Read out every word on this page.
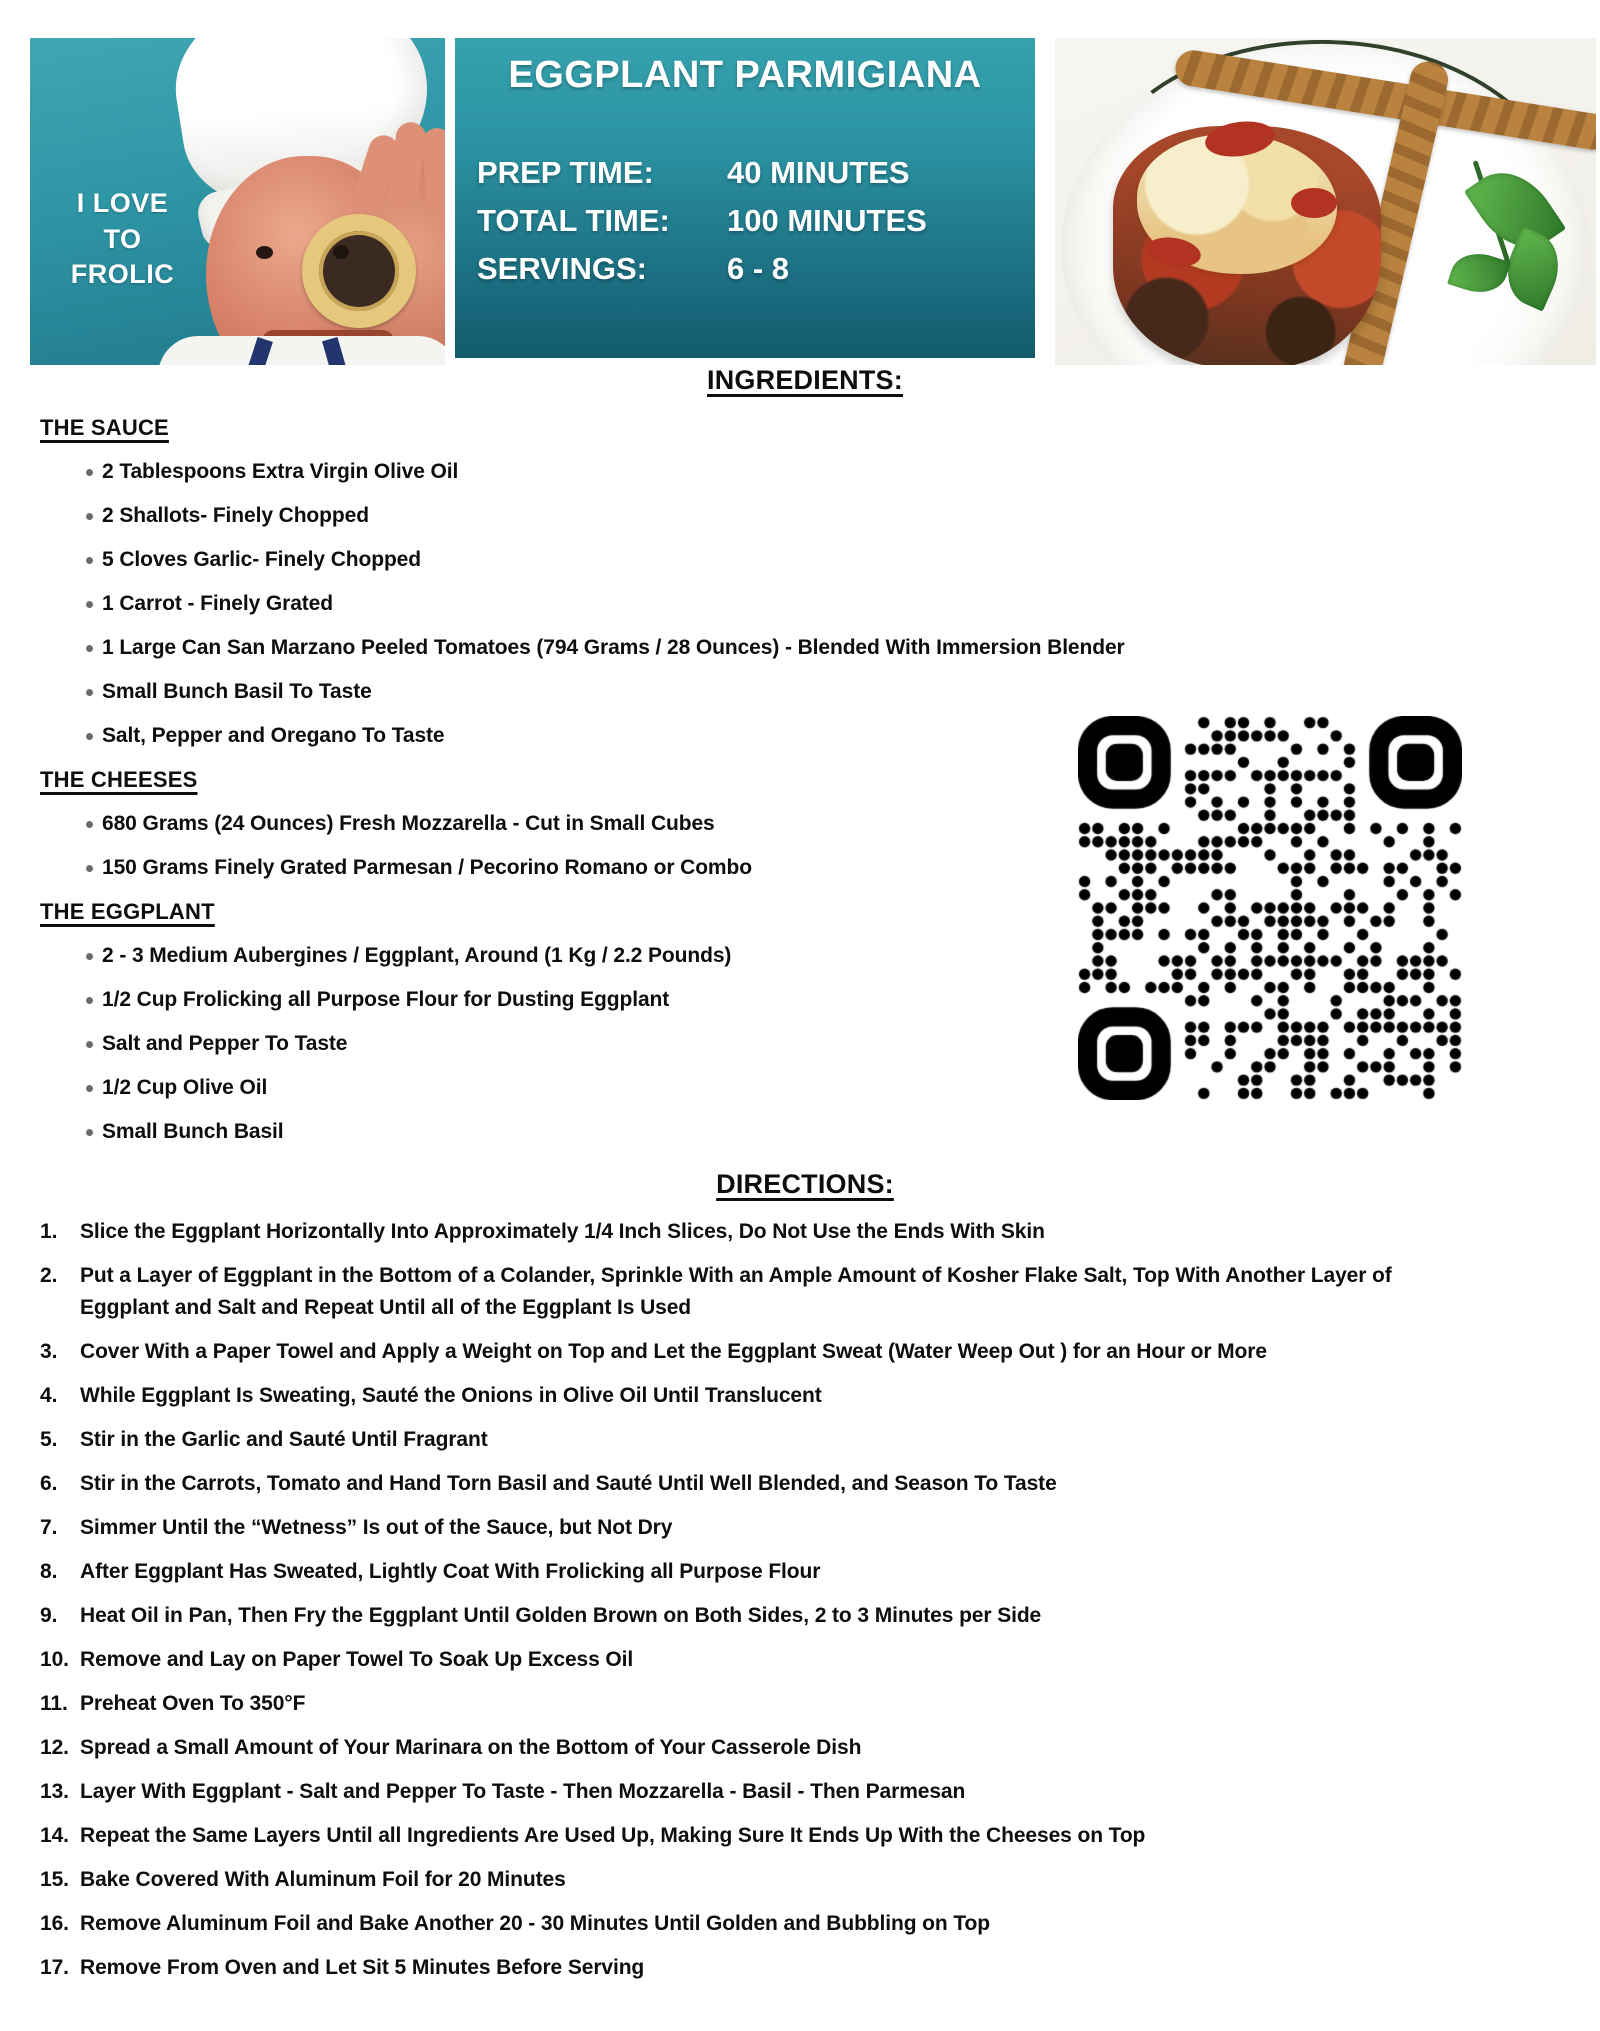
I LOVE
TO
FROLIC
EGGPLANT PARMIGIANA
PREP TIME:	40 MINUTES
TOTAL TIME:	100 MINUTES
SERVINGS:	6 - 8
INGREDIENTS:
THE SAUCE
2 Tablespoons Extra Virgin Olive Oil
2 Shallots- Finely Chopped
5 Cloves Garlic- Finely Chopped
1 Carrot - Finely Grated
1 Large Can San Marzano Peeled Tomatoes (794 Grams / 28 Ounces) - Blended With Immersion Blender
Small Bunch Basil To Taste
Salt, Pepper and Oregano To Taste
THE CHEESES
680 Grams (24 Ounces) Fresh Mozzarella - Cut in Small Cubes
150 Grams Finely Grated Parmesan / Pecorino Romano or Combo
THE EGGPLANT
2 - 3 Medium Aubergines / Eggplant, Around (1 Kg / 2.2 Pounds)
1/2 Cup Frolicking all Purpose Flour for Dusting Eggplant
Salt and Pepper To Taste
1/2 Cup Olive Oil
Small Bunch Basil
DIRECTIONS:
1.	Slice the Eggplant Horizontally Into Approximately 1/4 Inch Slices, Do Not Use the Ends With Skin
2.	Put a Layer of Eggplant in the Bottom of a Colander, Sprinkle With an Ample Amount of Kosher Flake Salt, Top With Another Layer of Eggplant and Salt and Repeat Until all of the Eggplant Is Used
3.	Cover With a Paper Towel and Apply a Weight on Top and Let the Eggplant Sweat (Water Weep Out ) for an Hour or More
4.	While Eggplant Is Sweating, Sauté the Onions in Olive Oil Until Translucent
5.	Stir in the Garlic and Sauté Until Fragrant
6.	Stir in the Carrots, Tomato and Hand Torn Basil and Sauté Until Well Blended, and Season To Taste
7.	Simmer Until the “Wetness” Is out of the Sauce, but Not Dry
8.	After Eggplant Has Sweated, Lightly Coat With Frolicking all Purpose Flour
9.	Heat Oil in Pan, Then Fry the Eggplant Until Golden Brown on Both Sides, 2 to 3 Minutes per Side
10. Remove and Lay on Paper Towel To Soak Up Excess Oil
11. Preheat Oven To 350°F
12. Spread a Small Amount of Your Marinara on the Bottom of Your Casserole Dish
13. Layer With Eggplant - Salt and Pepper To Taste - Then Mozzarella - Basil - Then Parmesan
14. Repeat the Same Layers Until all Ingredients Are Used Up, Making Sure It Ends Up With the Cheeses on Top
15. Bake Covered With Aluminum Foil for 20 Minutes
16. Remove Aluminum Foil and Bake Another 20 - 30 Minutes Until Golden and Bubbling on Top
17. Remove From Oven and Let Sit 5 Minutes Before Serving
